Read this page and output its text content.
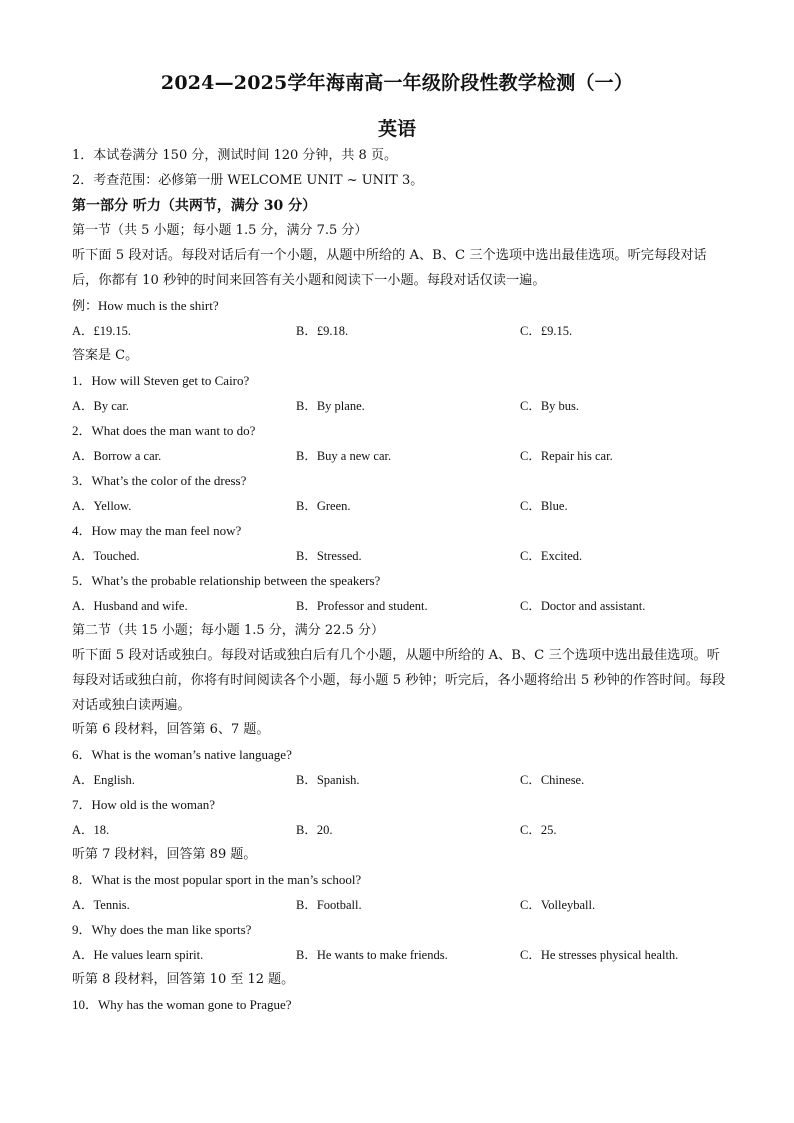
2024—2025学年海南高一年级阶段性教学检测（一）
英语
1．本试卷满分 150 分，测试时间 120 分钟，共 8 页。
2．考查范围：必修第一册 WELCOME UNIT ~ UNIT 3。
第一部分 听力（共两节，满分 30 分）
第一节（共 5 小题；每小题 1.5 分，满分 7.5 分）
听下面 5 段对话。每段对话后有一个小题，从题中所给的 A、B、C 三个选项中选出最佳选项。听完每段对话后，你都有 10 秒钟的时间来回答有关小题和阅读下一小题。每段对话仅读一遍。
例：How much is the shirt?
A．£19.15.	B．£9.18.	C．£9.15.
答案是 C。
1．How will Steven get to Cairo?
A．By car.	B．By plane.	C．By bus.
2．What does the man want to do?
A．Borrow a car.	B．Buy a new car.	C．Repair his car.
3．What’s the color of the dress?
A．Yellow.	B．Green.	C．Blue.
4．How may the man feel now?
A．Touched.	B．Stressed.	C．Excited.
5．What’s the probable relationship between the speakers?
A．Husband and wife.	B．Professor and student.	C．Doctor and assistant.
第二节（共 15 小题；每小题 1.5 分，满分 22.5 分）
听下面 5 段对话或独白。每段对话或独白后有几个小题，从题中所给的 A、B、C 三个选项中选出最佳选项。听每段对话或独白前，你将有时间阅读各个小题，每小题 5 秒钟；听完后，各小题将给出 5 秒钟的作答时间。每段对话或独白读两遍。
听第 6 段材料，回答第 6、7 题。
6．What is the woman’s native language?
A．English.	B．Spanish.	C．Chinese.
7．How old is the woman?
A．18.	B．20.	C．25.
听第 7 段材料，回答第 89 题。
8．What is the most popular sport in the man’s school?
A．Tennis.	B．Football.	C．Volleyball.
9．Why does the man like sports?
A．He values learn spirit.	B．He wants to make friends.	C．He stresses physical health.
听第 8 段材料，回答第 10 至 12 题。
10．Why has the woman gone to Prague?
